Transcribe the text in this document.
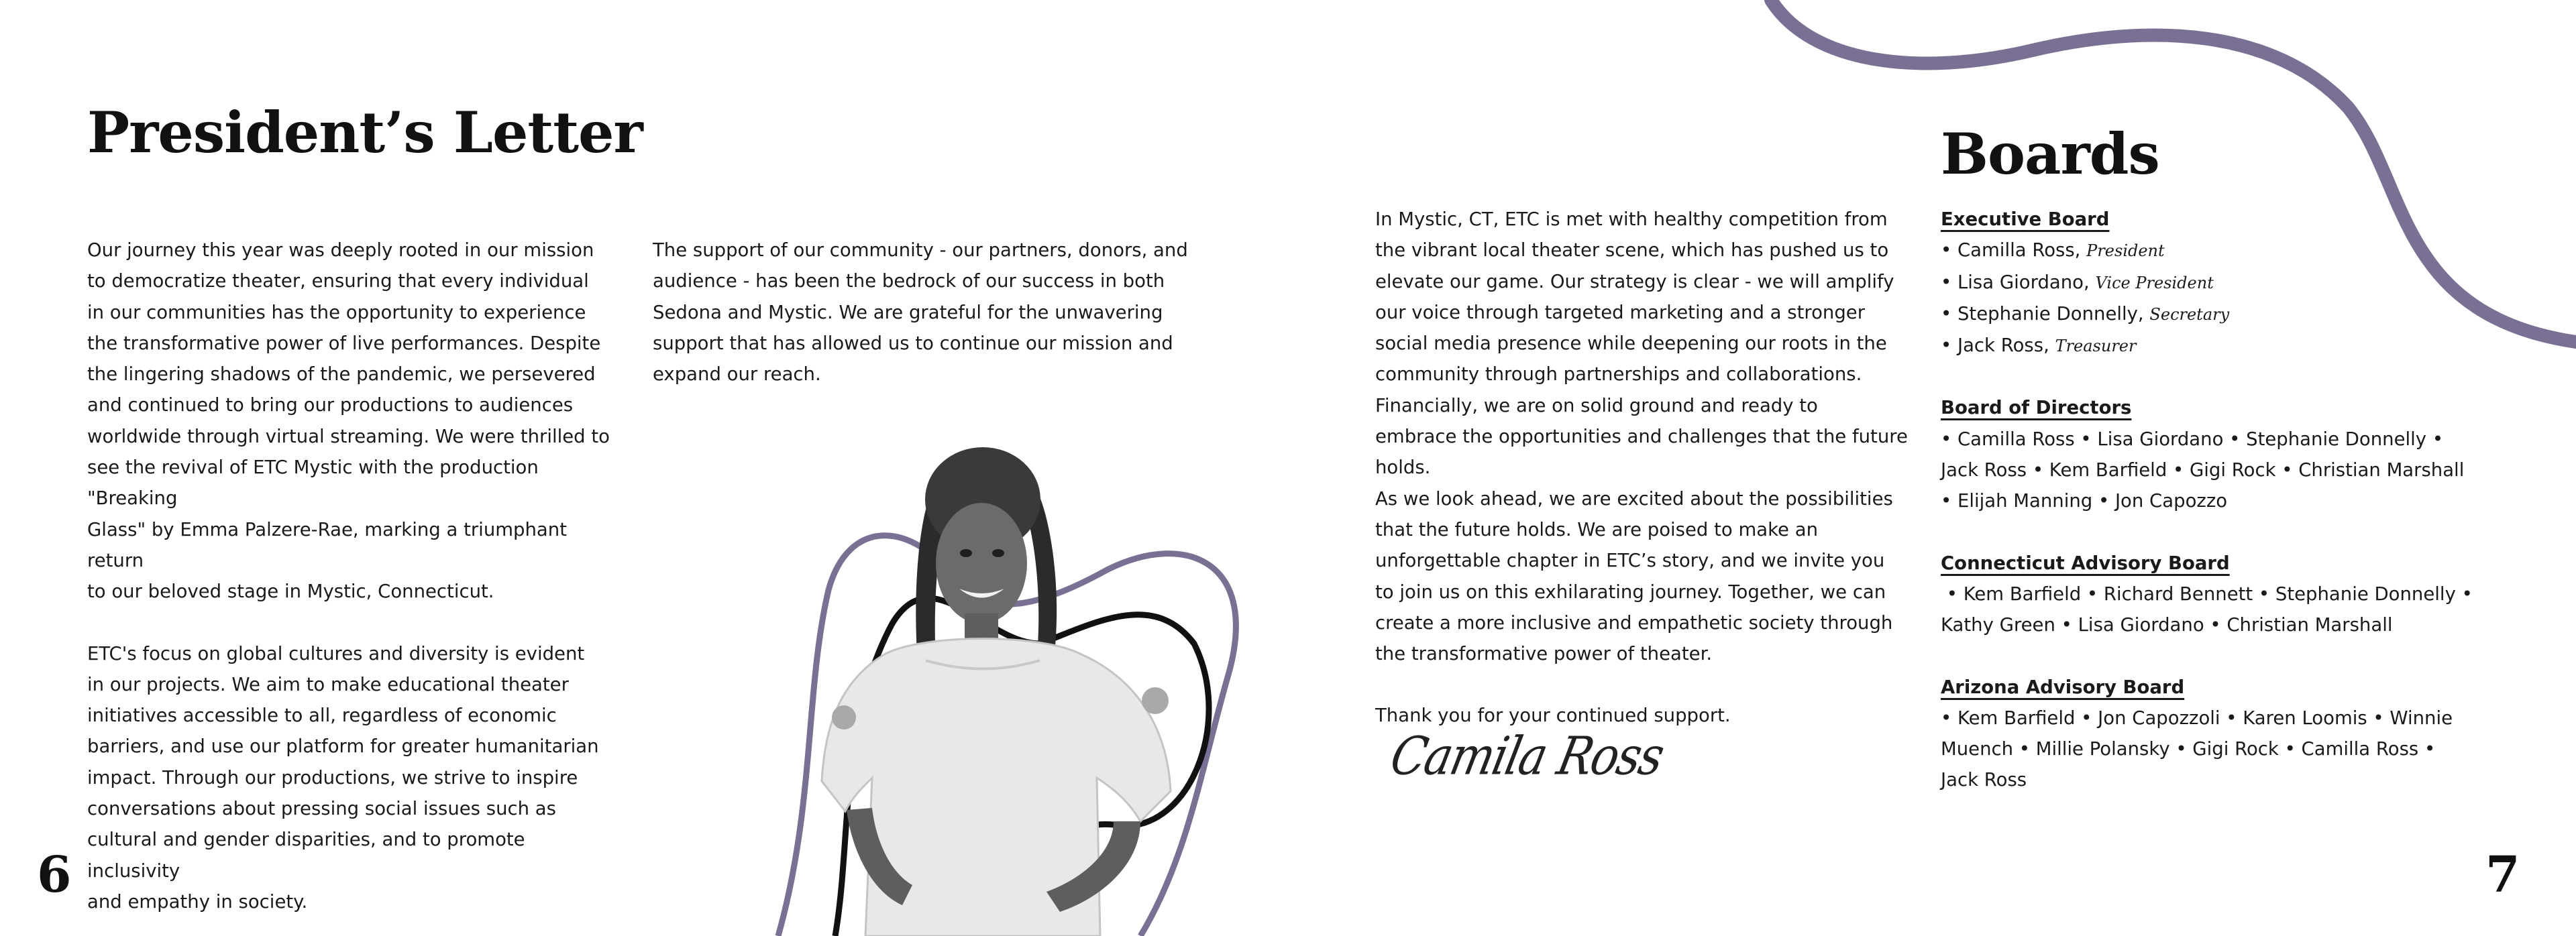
President’s Letter

Our journey this year was deeply rooted in our mission
to democratize theater, ensuring that every individual
in our communities has the opportunity to experience
the transformative power of live performances. Despite
the lingering shadows of the pandemic, we persevered
and continued to bring our productions to audiences
worldwide through virtual streaming. We were thrilled to
see the revival of ETC Mystic with the production "Breaking
Glass" by Emma Palzere-Rae, marking a triumphant return
to our beloved stage in Mystic, Connecticut.

ETC's focus on global cultures and diversity is evident
in our projects. We aim to make educational theater
initiatives accessible to all, regardless of economic
barriers, and use our platform for greater humanitarian
impact. Through our productions, we strive to inspire
conversations about pressing social issues such as
cultural and gender disparities, and to promote inclusivity
and empathy in society.

The support of our community - our partners, donors, and
audience - has been the bedrock of our success in both
Sedona and Mystic. We are grateful for the unwavering
support that has allowed us to continue our mission and
expand our reach.

6

In Mystic, CT, ETC is met with healthy competition from
the vibrant local theater scene, which has pushed us to
elevate our game. Our strategy is clear - we will amplify
our voice through targeted marketing and a stronger
social media presence while deepening our roots in the
community through partnerships and collaborations.
Financially, we are on solid ground and ready to
embrace the opportunities and challenges that the future
holds.
As we look ahead, we are excited about the possibilities
that the future holds. We are poised to make an
unforgettable chapter in ETC’s story, and we invite you
to join us on this exhilarating journey. Together, we can
create a more inclusive and empathetic society through
the transformative power of theater.

Thank you for your continued support.

Camila Ross
Boards
Executive Board
• Camilla Ross, President
• Lisa Giordano, Vice President
• Stephanie Donnelly, Secretary
• Jack Ross, Treasurer
Board of Directors
• Camilla Ross • Lisa Giordano • Stephanie Donnelly •
Jack Ross • Kem Barfield • Gigi Rock • Christian Marshall
• Elijah Manning • Jon Capozzo
Connecticut Advisory Board
• Kem Barfield • Richard Bennett • Stephanie Donnelly •
Kathy Green • Lisa Giordano • Christian Marshall
Arizona Advisory Board
• Kem Barfield • Jon Capozzoli • Karen Loomis • Winnie
Muench • Millie Polansky • Gigi Rock • Camilla Ross •
Jack Ross
7
